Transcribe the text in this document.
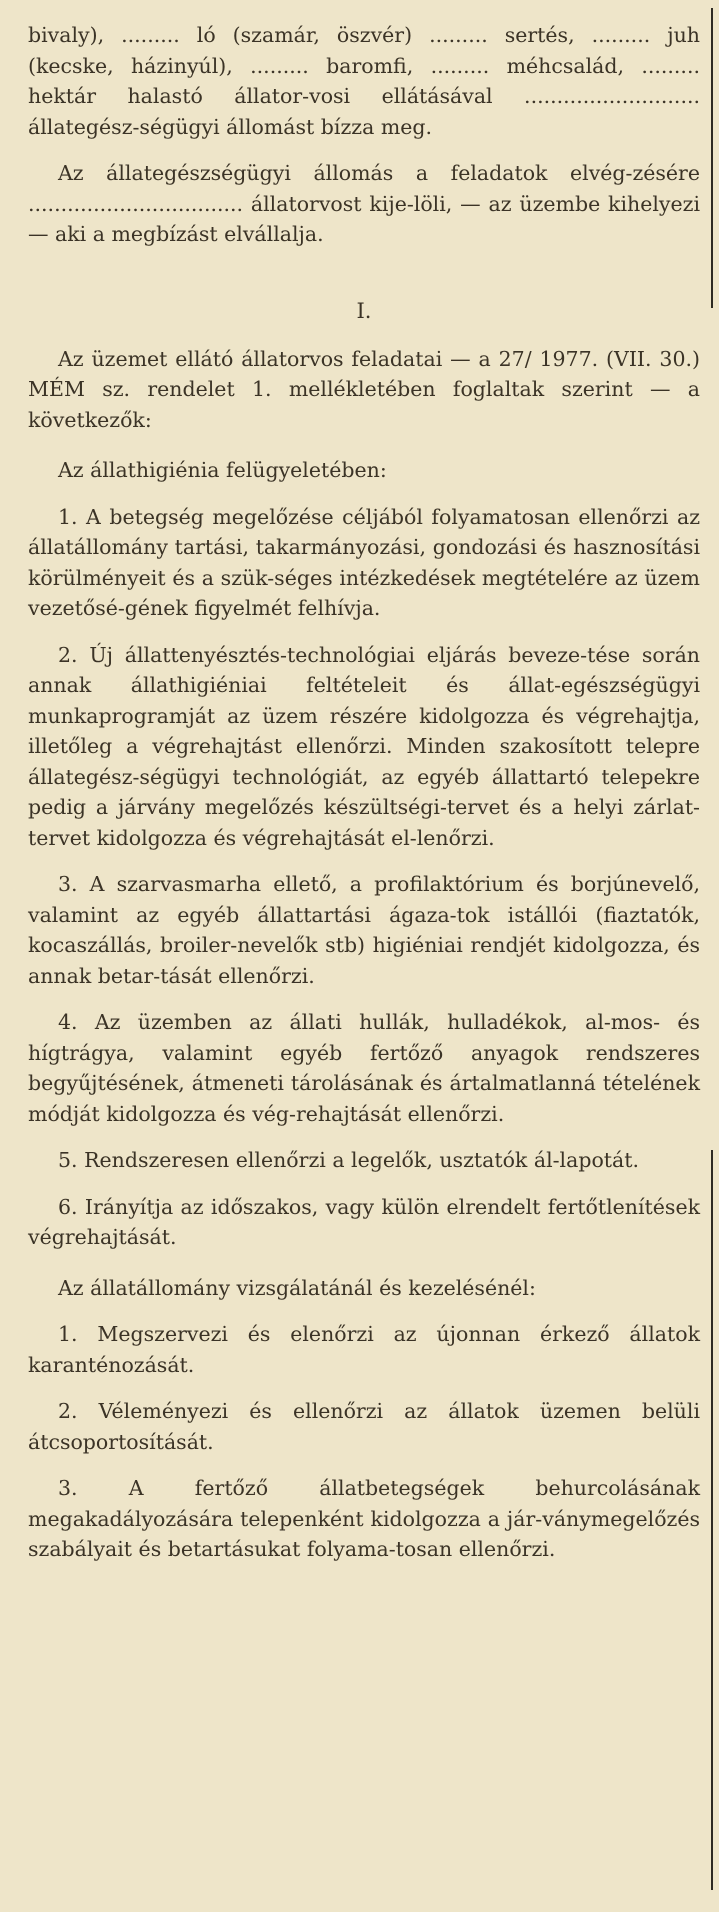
bivaly), ......... ló (szamár, öszvér) ......... sertés, ......... juh (kecske, házinyúl), ......... baromfi, ......... méhcsalád, ......... hektár halastó állator-vosi ellátásával ........................... állategész-ségügyi állomást bízza meg.

Az állategészségügyi állomás a feladatok elvég-zésére ................................. állatorvost kije-löli, — az üzembe kihelyezi — aki a megbízást elvállalja.

I.

Az üzemet ellátó állatorvos feladatai — a 27/ 1977. (VII. 30.) MÉM sz. rendelet 1. mellékletében foglaltak szerint — a következők:

Az állathigiénia felügyeletében:

1. A betegség megelőzése céljából folyamatosan ellenőrzi az állatállomány tartási, takarmányozási, gondozási és hasznosítási körülményeit és a szük-séges intézkedések megtételére az üzem vezetősé-gének figyelmét felhívja.

2. Új állattenyésztés-technológiai eljárás beveze-tése során annak állathigiéniai feltételeit és állat-egészségügyi munkaprogramját az üzem részére kidolgozza és végrehajtja, illetőleg a végrehajtást ellenőrzi. Minden szakosított telepre állategész-ségügyi technológiát, az egyéb állattartó telepekre pedig a járvány megelőzés készültségi-tervet és a helyi zárlat-tervet kidolgozza és végrehajtását el-lenőrzi.

3. A szarvasmarha ellető, a profilaktórium és borjúnevelő, valamint az egyéb állattartási ágaza-tok istállói (fiaztatók, kocaszállás, broiler-nevelők stb) higiéniai rendjét kidolgozza, és annak betar-tását ellenőrzi.

4. Az üzemben az állati hullák, hulladékok, al-mos- és hígtrágya, valamint egyéb fertőző anyagok rendszeres begyűjtésének, átmeneti tárolásának és ártalmatlanná tételének módját kidolgozza és vég-rehajtását ellenőrzi.

5. Rendszeresen ellenőrzi a legelők, usztatók ál-lapotát.

6. Irányítja az időszakos, vagy külön elrendelt fertőtlenítések végrehajtását.

Az állatállomány vizsgálatánál és kezelésénél:

1. Megszervezi és elenőrzi az újonnan érkező állatok karanténozását.

2. Véleményezi és ellenőrzi az állatok üzemen belüli átcsoportosítását.

3. A fertőző állatbetegségek behurcolásának megakadályozására telepenként kidolgozza a jár-ványmegelőzés szabályait és betartásukat folyama-tosan ellenőrzi.
